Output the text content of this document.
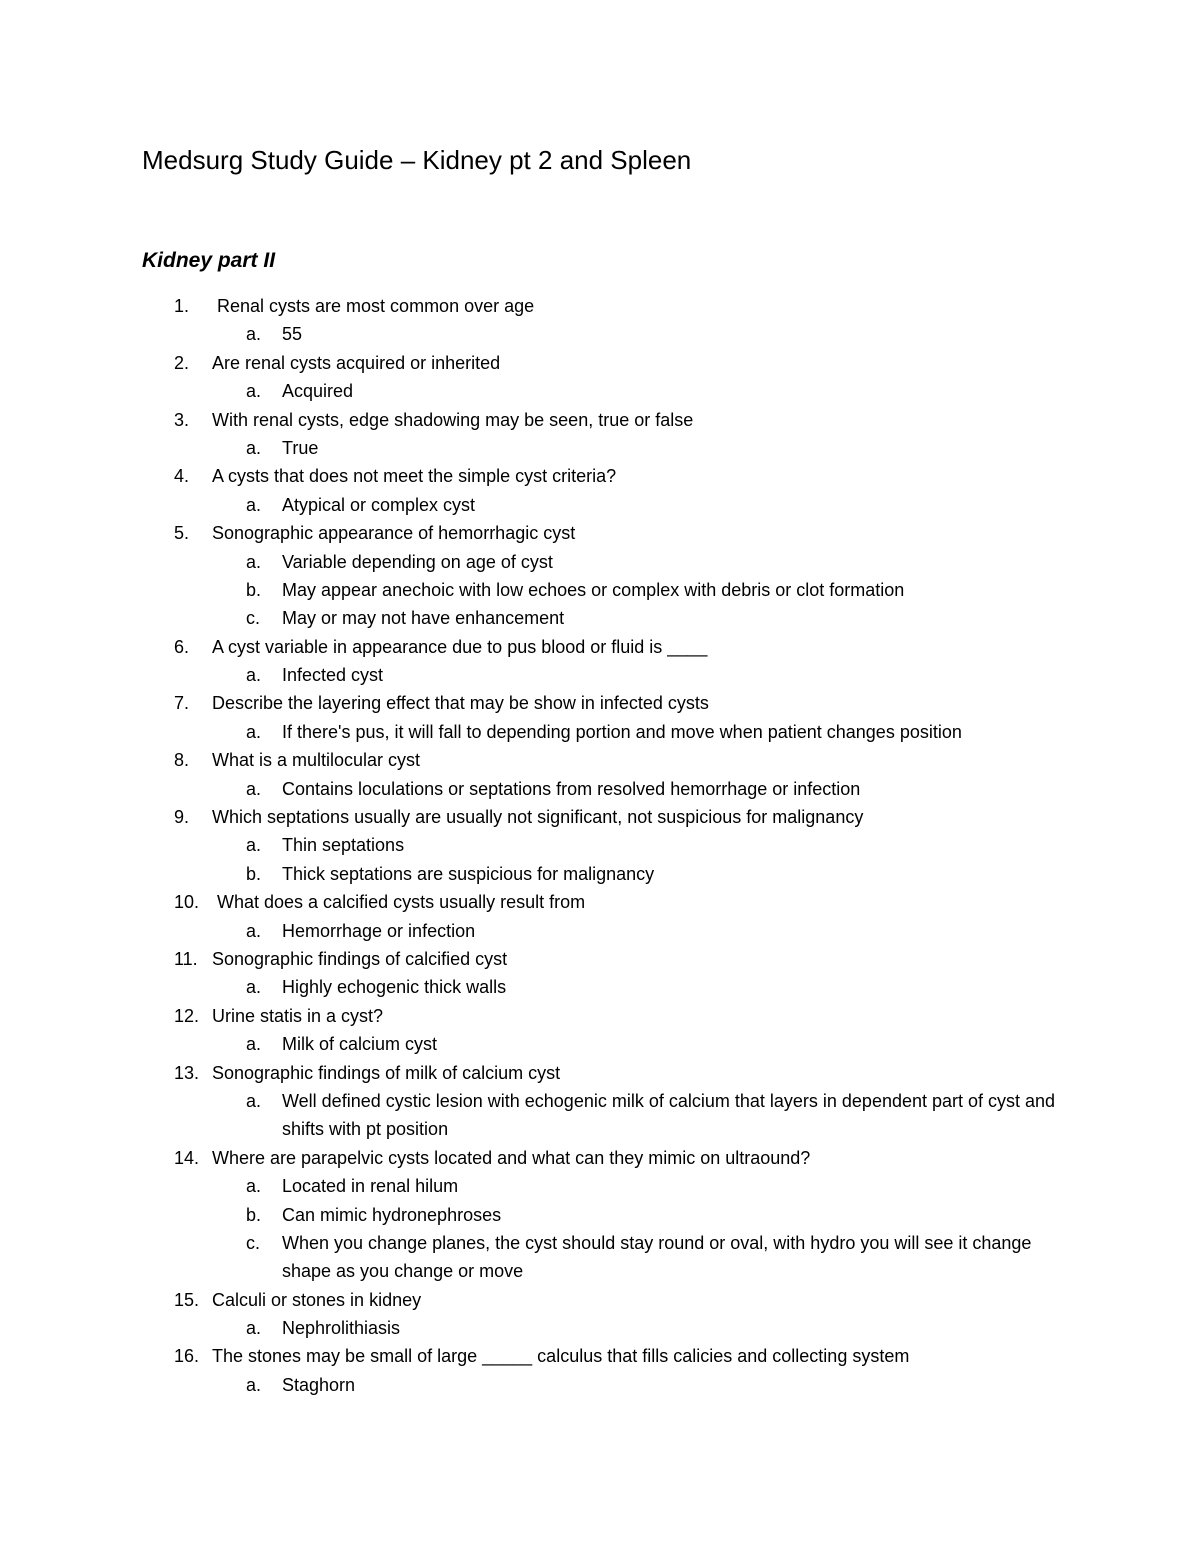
Medsurg Study Guide – Kidney pt 2 and Spleen
Kidney part II
1. Renal cysts are most common over age
a. 55
2. Are renal cysts acquired or inherited
a. Acquired
3. With renal cysts, edge shadowing may be seen, true or false
a. True
4. A cysts that does not meet the simple cyst criteria?
a. Atypical or complex cyst
5. Sonographic appearance of hemorrhagic cyst
a. Variable depending on age of cyst
b. May appear anechoic with low echoes or complex with debris or clot formation
c. May or may not have enhancement
6. A cyst variable in appearance due to pus blood or fluid is ____
a. Infected cyst
7. Describe the layering effect that may be show in infected cysts
a. If there's pus, it will fall to depending portion and move when patient changes position
8. What is a multilocular cyst
a. Contains loculations or septations from resolved hemorrhage or infection
9. Which septations usually are usually not significant, not suspicious for malignancy
a. Thin septations
b. Thick septations are suspicious for malignancy
10. What does a calcified cysts usually result from
a. Hemorrhage or infection
11. Sonographic findings of calcified cyst
a. Highly echogenic thick walls
12. Urine statis in a cyst?
a. Milk of calcium cyst
13. Sonographic findings of milk of calcium cyst
a. Well defined cystic lesion with echogenic milk of calcium that layers in dependent part of cyst and shifts with pt position
14. Where are parapelvic cysts located and what can they mimic on ultraound?
a. Located in renal hilum
b. Can mimic hydronephroses
c. When you change planes, the cyst should stay round or oval, with hydro you will see it change shape as you change or move
15. Calculi or stones in kidney
a. Nephrolithiasis
16. The stones may be small of large _____ calculus that fills calicies and collecting system
a. Staghorn
